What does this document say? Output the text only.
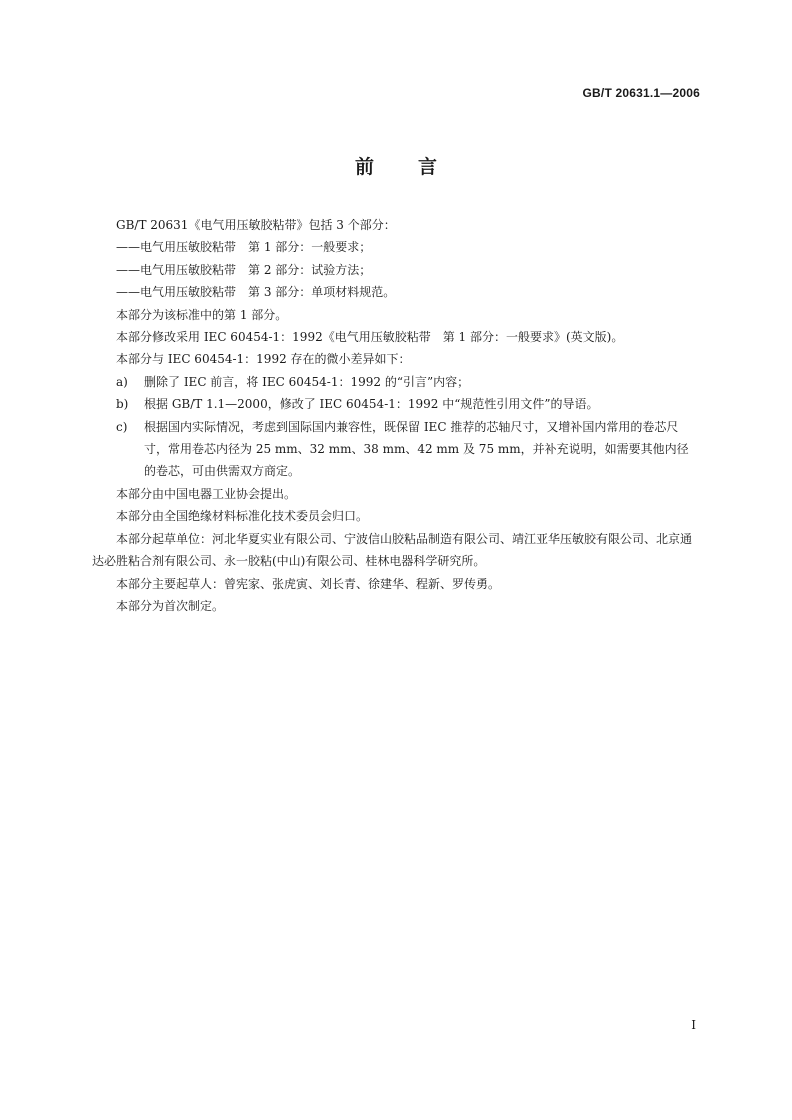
GB/T 20631.1—2006
前 言

GB/T 20631《电气用压敏胶粘带》包括 3 个部分：

——电气用压敏胶粘带　第 1 部分：一般要求；

——电气用压敏胶粘带　第 2 部分：试验方法；

——电气用压敏胶粘带　第 3 部分：单项材料规范。

本部分为该标准中的第 1 部分。

本部分修改采用 IEC 60454-1：1992《电气用压敏胶粘带　第 1 部分：一般要求》(英文版)。

本部分与 IEC 60454-1：1992 存在的微小差异如下：

a) 删除了 IEC 前言，将 IEC 60454-1：1992 的“引言”内容；

b) 根据 GB/T 1.1—2000，修改了 IEC 60454-1：1992 中“规范性引用文件”的导语。

c) 根据国内实际情况，考虑到国际国内兼容性，既保留 IEC 推荐的芯轴尺寸，又增补国内常用的卷芯尺寸，常用卷芯内径为 25 mm、32 mm、38 mm、42 mm 及 75 mm，并补充说明，如需要其他内径的卷芯，可由供需双方商定。

本部分由中国电器工业协会提出。

本部分由全国绝缘材料标准化技术委员会归口。

本部分起草单位：河北华夏实业有限公司、宁波信山胶粘品制造有限公司、靖江亚华压敏胶有限公司、北京通达必胜粘合剂有限公司、永一胶粘(中山)有限公司、桂林电器科学研究所。

本部分主要起草人：曾宪家、张虎寅、刘长青、徐建华、程新、罗传勇。

本部分为首次制定。

I
